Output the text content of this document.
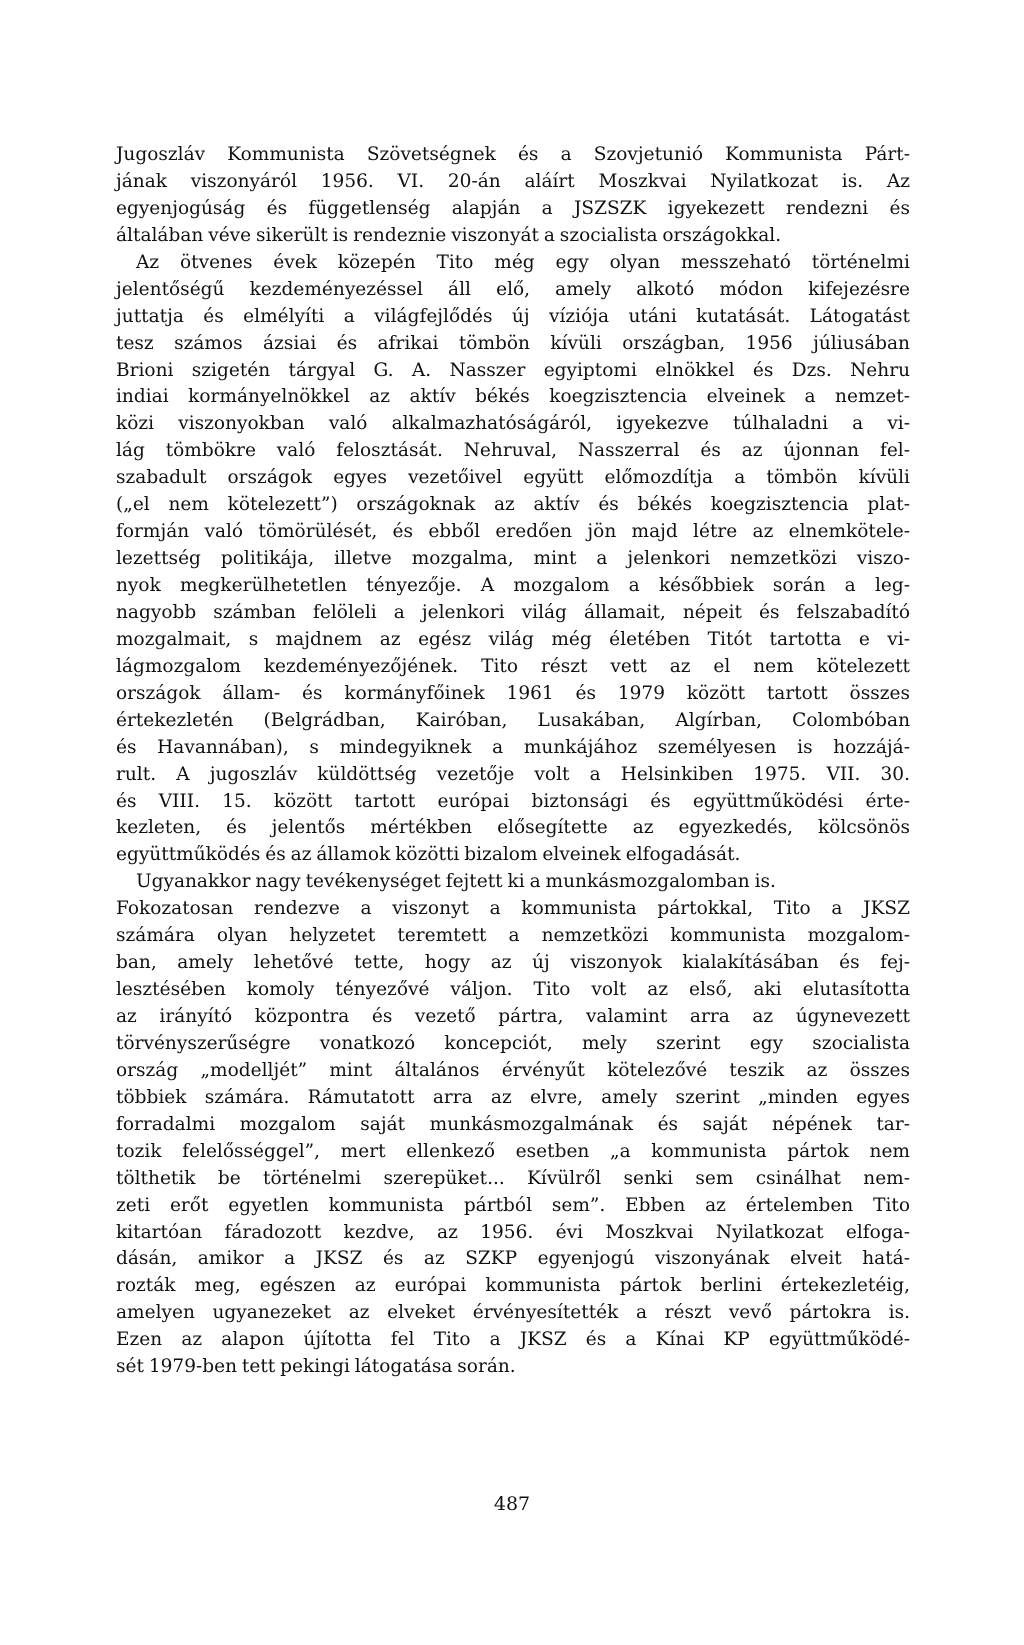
Jugoszláv Kommunista Szövetségnek és a Szovjetunió Kommunista Párt-
jának viszonyáról 1956. VI. 20-án aláírt Moszkvai Nyilatkozat is. Az
egyenjogúság és függetlenség alapján a JSZSZK igyekezett rendezni és
általában véve sikerült is rendeznie viszonyát a szocialista országokkal.
Az ötvenes évek közepén Tito még egy olyan messzeható történelmi
jelentőségű kezdeményezéssel áll elő, amely alkotó módon kifejezésre
juttatja és elmélyíti a világfejlődés új víziója utáni kutatását. Látogatást
tesz számos ázsiai és afrikai tömbön kívüli országban, 1956 júliusában
Brioni szigetén tárgyal G. A. Nasszer egyiptomi elnökkel és Dzs. Nehru
indiai kormányelnökkel az aktív békés koegzisztencia elveinek a nemzet-
közi viszonyokban való alkalmazhatóságáról, igyekezve túlhaladni a vi-
lág tömbökre való felosztását. Nehruval, Nasszerral és az újonnan fel-
szabadult országok egyes vezetőivel együtt előmozdítja a tömbön kívüli
(„el nem kötelezett”) országoknak az aktív és békés koegzisztencia plat-
formján való tömörülését, és ebből eredően jön majd létre az elnemkötele-
lezettség politikája, illetve mozgalma, mint a jelenkori nemzetközi viszo-
nyok megkerülhetetlen tényezője. A mozgalom a későbbiek során a leg-
nagyobb számban felöleli a jelenkori világ államait, népeit és felszabadító
mozgalmait, s majdnem az egész világ még életében Titót tartotta e vi-
lágmozgalom kezdeményezőjének. Tito részt vett az el nem kötelezett
országok állam- és kormányfőinek 1961 és 1979 között tartott összes
értekezletén (Belgrádban, Kairóban, Lusakában, Algírban, Colombóban
és Havannában), s mindegyiknek a munkájához személyesen is hozzájá-
rult. A jugoszláv küldöttség vezetője volt a Helsinkiben 1975. VII. 30.
és VIII. 15. között tartott európai biztonsági és együttműködési érte-
kezleten, és jelentős mértékben elősegítette az egyezkedés, kölcsönös
együttműködés és az államok közötti bizalom elveinek elfogadását.
Ugyanakkor nagy tevékenységet fejtett ki a munkásmozgalomban is.
Fokozatosan rendezve a viszonyt a kommunista pártokkal, Tito a JKSZ
számára olyan helyzetet teremtett a nemzetközi kommunista mozgalom-
ban, amely lehetővé tette, hogy az új viszonyok kialakításában és fej-
lesztésében komoly tényezővé váljon. Tito volt az első, aki elutasította
az irányító központra és vezető pártra, valamint arra az úgynevezett
törvényszerűségre vonatkozó koncepciót, mely szerint egy szocialista
ország „modelljét” mint általános érvényűt kötelezővé teszik az összes
többiek számára. Rámutatott arra az elvre, amely szerint „minden egyes
forradalmi mozgalom saját munkásmozgalmának és saját népének tar-
tozik felelősséggel”, mert ellenkező esetben „a kommunista pártok nem
tölthetik be történelmi szerepüket... Kívülről senki sem csinálhat nem-
zeti erőt egyetlen kommunista pártból sem”. Ebben az értelemben Tito
kitartóan fáradozott kezdve, az 1956. évi Moszkvai Nyilatkozat elfoga-
dásán, amikor a JKSZ és az SZKP egyenjogú viszonyának elveit hatá-
rozták meg, egészen az európai kommunista pártok berlini értekezletéig,
amelyen ugyanezeket az elveket érvényesítették a részt vevő pártokra is.
Ezen az alapon újította fel Tito a JKSZ és a Kínai KP együttműködé-
sét 1979-ben tett pekingi látogatása során.
487
